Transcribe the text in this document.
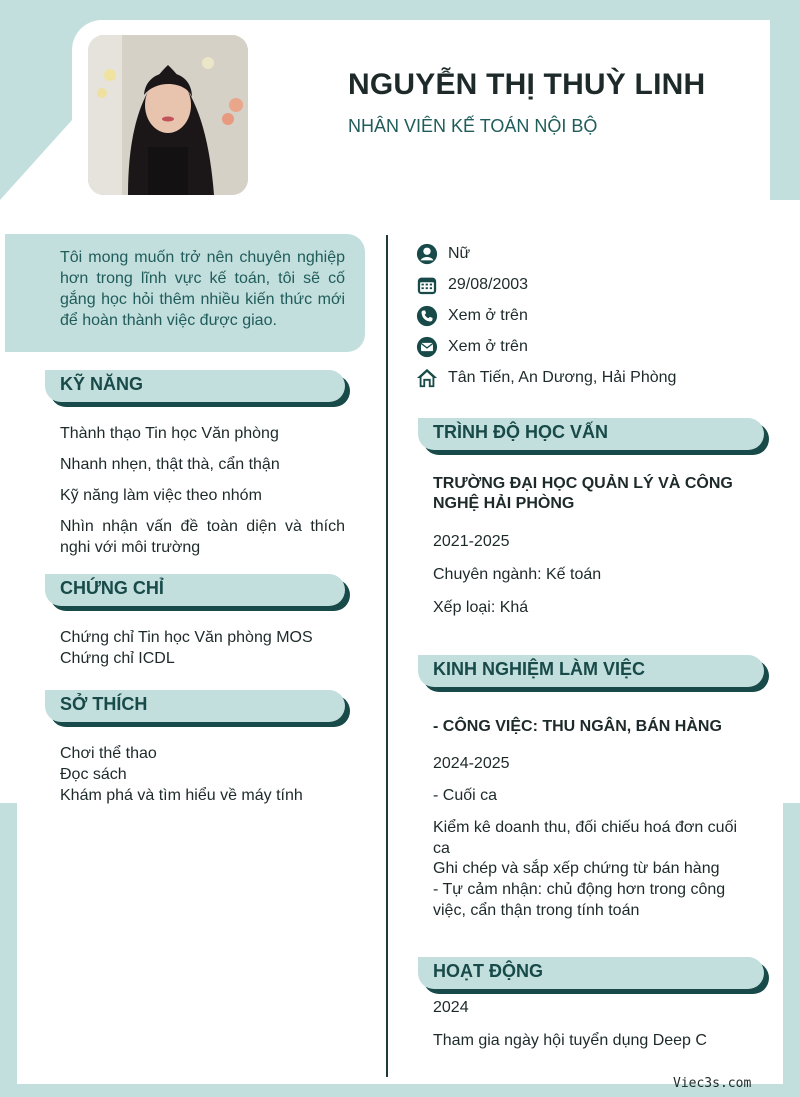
NGUYỄN THỊ THUỲ LINH
NHÂN VIÊN KẾ TOÁN NỘI BỘ
Tôi mong muốn trở nên chuyên nghiệp hơn trong lĩnh vực kế toán, tôi sẽ cố gắng học hỏi thêm nhiều kiến thức mới để hoàn thành việc được giao.
KỸ NĂNG
Thành thạo Tin học Văn phòng
Nhanh nhẹn, thật thà, cẩn thận
Kỹ năng làm việc theo nhóm
Nhìn nhận vấn đề toàn diện và thích nghi với môi trường
CHỨNG CHỈ
Chứng chỉ Tin học Văn phòng MOS
Chứng chỉ ICDL
SỞ THÍCH
Chơi thể thao
Đọc sách
Khám phá và tìm hiểu về máy tính
Nữ
29/08/2003
Xem ở trên
Xem ở trên
Tân Tiến, An Dương, Hải Phòng
TRÌNH ĐỘ HỌC VẤN
TRƯỜNG ĐẠI HỌC QUẢN LÝ VÀ CÔNG NGHỆ HẢI PHÒNG
2021-2025
Chuyên ngành: Kế toán
Xếp loại: Khá
KINH NGHIỆM LÀM VIỆC
- CÔNG VIỆC: THU NGÂN, BÁN HÀNG
2024-2025
- Cuối ca
Kiểm kê doanh thu, đối chiếu hoá đơn cuối ca
Ghi chép và sắp xếp chứng từ bán hàng
- Tự cảm nhận: chủ động hơn trong công việc, cẩn thận trong tính toán
HOẠT ĐỘNG
2024
Tham gia ngày hội tuyển dụng Deep C
Viec3s.com
